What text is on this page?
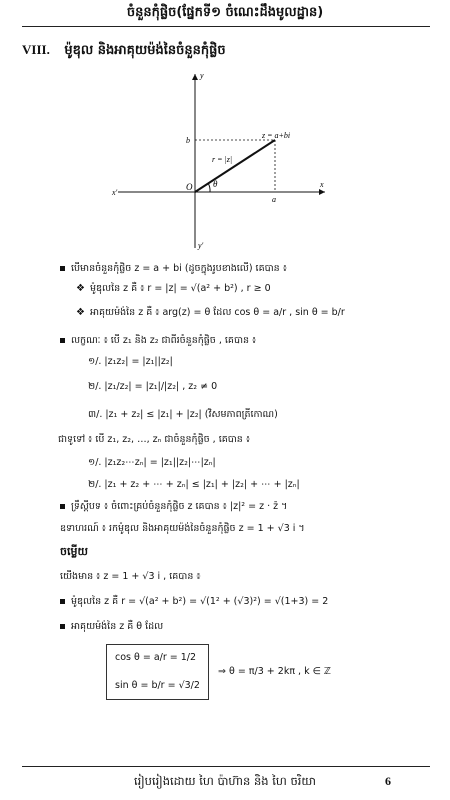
ចំនួនកុំផ្លិច(ផ្នែកទី១ ចំណេះដឹងមូលដ្ឋាន)
VIII. ម៉ូឌុល និងអាគុយម៉ង់នៃចំនួនកុំផ្លិច
x'
x
y
y'
O
z = a+bi
r = |z|
θ
a
b
បើមានចំនួនកុំផ្លិច z = a + bi (ដូចក្នុងរូបខាងលើ) គេបាន ៖
❖ ម៉ូឌុលនៃ z គឺ ៖ r = |z| = √(a² + b²) , r ≥ 0
❖ អាគុយម៉ង់នៃ z គឺ ៖ arg(z) = θ ដែល cos θ = a/r , sin θ = b/r
លក្ខណៈ ៖ បើ z₁ និង z₂ ជាពីរចំនួនកុំផ្លិច , គេបាន ៖
១/. |z₁z₂| = |z₁||z₂|
២/. |z₁/z₂| = |z₁|/|z₂| , z₂ ≠ 0
៣/. |z₁ + z₂| ≤ |z₁| + |z₂| (វិសមភាពត្រីកោណ)
ជាទូទៅ ៖ បើ z₁, z₂, …, zₙ ជាចំនួនកុំផ្លិច , គេបាន ៖
១/. |z₁z₂⋯zₙ| = |z₁||z₂|⋯|zₙ|
២/. |z₁ + z₂ + ⋯ + zₙ| ≤ |z₁| + |z₂| + ⋯ + |zₙ|
ទ្រឹស្ដីបទ ៖ ចំពោះគ្រប់ចំនួនកុំផ្លិច z គេបាន ៖ |z|² = z · z̄ ។
ឧទាហរណ៍ ៖ រកម៉ូឌុល និងអាគុយម៉ង់នៃចំនួនកុំផ្លិច z = 1 + √3 i ។
ចម្លើយ
យើងមាន ៖ z = 1 + √3 i , គេបាន ៖
ម៉ូឌុលនៃ z គឺ r = √(a² + b²) = √(1² + (√3)²) = √(1+3) = 2
អាគុយម៉ង់នៃ z គឺ θ ដែល
cos θ = a/r = 1/2
sin θ = b/r = √3/2
⇒ θ = π/3 + 2kπ , k ∈ ℤ
រៀបរៀងដោយ ហៃ ប៉ាហ៊ាន និង ហៃ ចរិយា	6
